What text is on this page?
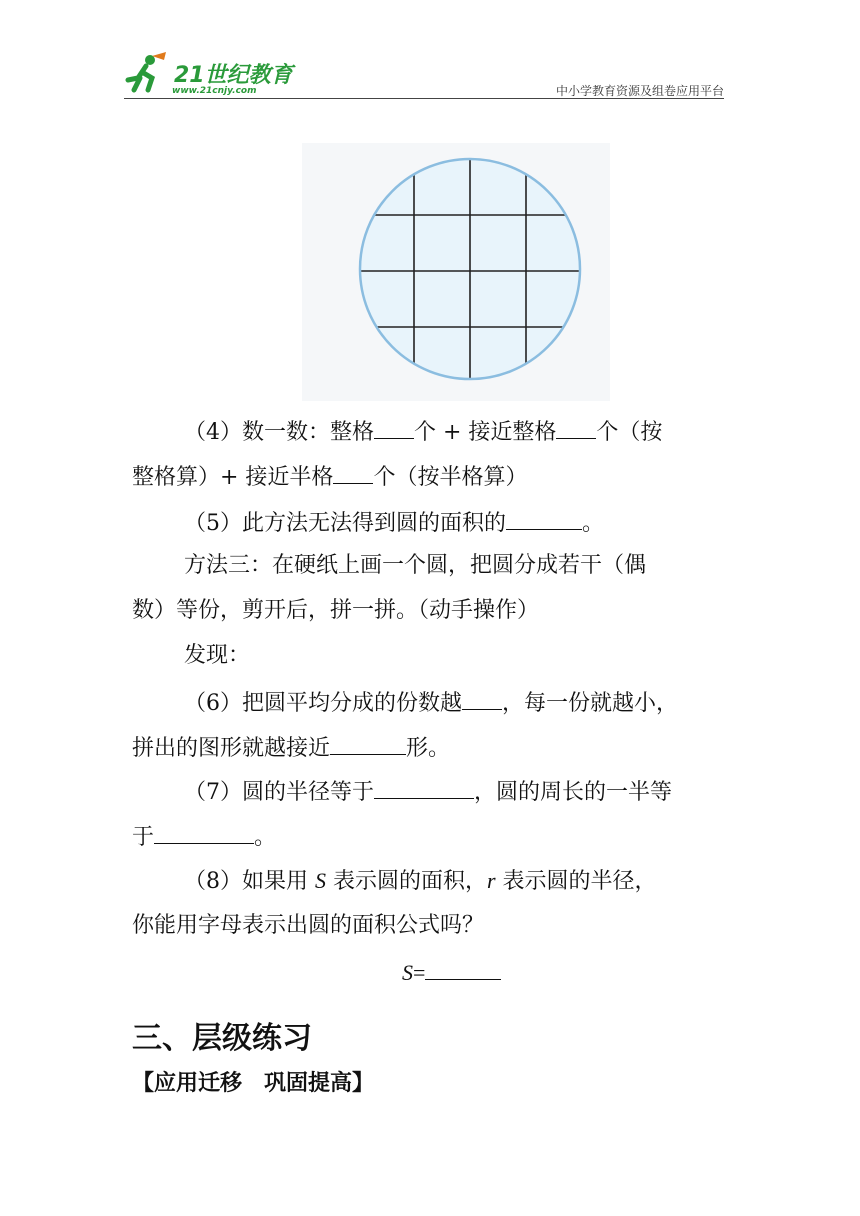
21世纪教育
www.21cnjy.com	中小学教育资源及组卷应用平台
（4）数一数：整格 个 + 接近整格 个（按
整格算）+ 接近半格 个（按半格算）
（5）此方法无法得到圆的面积的	。
方法三：在硬纸上画一个圆，把圆分成若干（偶
数）等份，剪开后，拼一拼。（动手操作）
发现：
（6）把圆平均分成的份数越 ，每一份就越小，
拼出的图形就越接近	形。
（7）圆的半径等于	，圆的周长的一半等
于	。
（8）如果用 S 表示圆的面积，r 表示圆的半径，
你能用字母表示出圆的面积公式吗？
S=
三、层级练习
【应用迁移　巩固提高】
